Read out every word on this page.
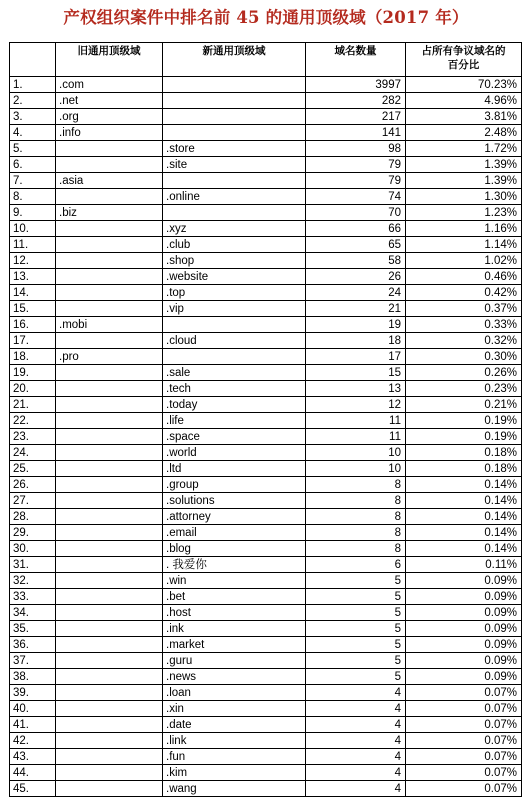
产权组织案件中排名前 45 的通用顶级域（2017 年）
	旧通用顶级域	新通用顶级域	域名数量	占所有争议域名的百分比
1.	.com		3997	70.23%
2.	.net		282	4.96%
3.	.org		217	3.81%
4.	.info		141	2.48%
5.		.store	98	1.72%
6.		.site	79	1.39%
7.	.asia		79	1.39%
8.		.online	74	1.30%
9.	.biz		70	1.23%
10.		.xyz	66	1.16%
11.		.club	65	1.14%
12.		.shop	58	1.02%
13.		.website	26	0.46%
14.		.top	24	0.42%
15.		.vip	21	0.37%
16.	.mobi		19	0.33%
17.		.cloud	18	0.32%
18.	.pro		17	0.30%
19.		.sale	15	0.26%
20.		.tech	13	0.23%
21.		.today	12	0.21%
22.		.life	11	0.19%
23.		.space	11	0.19%
24.		.world	10	0.18%
25.		.ltd	10	0.18%
26.		.group	8	0.14%
27.		.solutions	8	0.14%
28.		.attorney	8	0.14%
29.		.email	8	0.14%
30.		.blog	8	0.14%
31.		. 我爱你	6	0.11%
32.		.win	5	0.09%
33.		.bet	5	0.09%
34.		.host	5	0.09%
35.		.ink	5	0.09%
36.		.market	5	0.09%
37.		.guru	5	0.09%
38.		.news	5	0.09%
39.		.loan	4	0.07%
40.		.xin	4	0.07%
41.		.date	4	0.07%
42.		.link	4	0.07%
43.		.fun	4	0.07%
44.		.kim	4	0.07%
45.		.wang	4	0.07%
